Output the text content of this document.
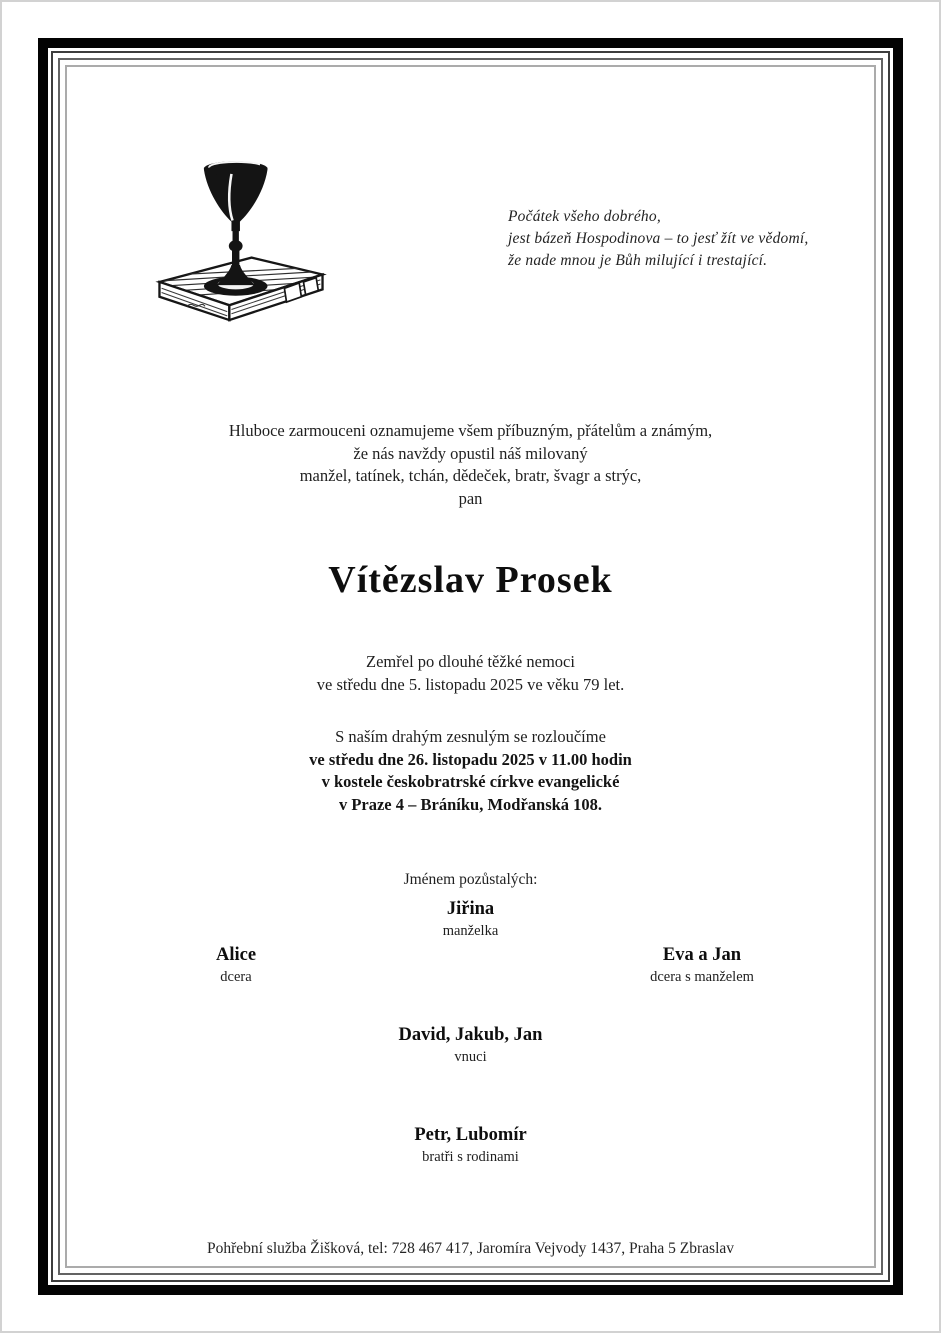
Počátek všeho dobrého,
jest bázeň Hospodinova – to jesť žít ve vědomí,
že nade mnou je Bůh milující i trestající.
Hluboce zarmouceni oznamujeme všem příbuzným, přátelům a známým,
že nás navždy opustil náš milovaný
manžel, tatínek, tchán, dědeček, bratr, švagr a strýc,
pan
Vítězslav Prosek
Zemřel po dlouhé těžké nemoci
ve středu dne 5. listopadu 2025 ve věku 79 let.
S naším drahým zesnulým se rozloučíme
ve středu dne 26. listopadu 2025 v 11.00 hodin
v kostele českobratrské církve evangelické
v Praze 4 – Bráníku, Modřanská 108.
Jménem pozůstalých:
Jiřina
manželka
Alice
dcera
Eva a Jan
dcera s manželem
David, Jakub, Jan
vnuci
Petr, Lubomír
bratři s rodinami
Pohřební služba Žišková, tel: 728 467 417, Jaromíra Vejvody 1437, Praha 5 Zbraslav
